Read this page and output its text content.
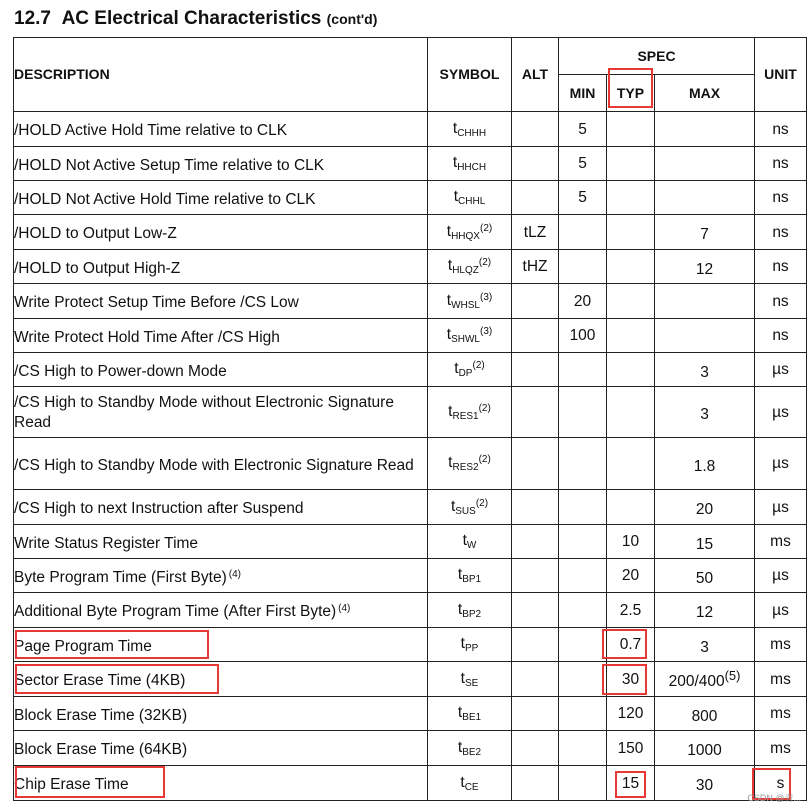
12.7 AC Electrical Characteristics (cont'd)
DESCRIPTION	SYMBOL	ALT	SPEC			UNIT
			MIN	TYP	MAX	
/HOLD Active Hold Time relative to CLK	$t_{CHHH}$		5			ns
/HOLD Not Active Setup Time relative to CLK	$t_{HHCH}$		5			ns
/HOLD Not Active Hold Time relative to CLK	$t_{CHHL}$		5			ns
/HOLD to Output Low-Z	$t_{HHQX}^{(2)}$	tLZ			7	ns
/HOLD to Output High-Z	$t_{HLQZ}^{(2)}$	tHZ			12	ns
Write Protect Setup Time Before /CS Low	$t_{WHSL}^{(3)}$		20			ns
Write Protect Hold Time After /CS High	$t_{SHWL}^{(3)}$		100			ns
/CS High to Power-down Mode	$t_{DP}^{(2)}$				3	µs
/CS High to Standby Mode without Electronic Signature Read	$t_{RES1}^{(2)}$				3	µs
/CS High to Standby Mode with Electronic Signature Read	$t_{RES2}^{(2)}$				1.8	µs
/CS High to next Instruction after Suspend	$t_{SUS}^{(2)}$				20	µs
Write Status Register Time	$t_W$			10	15	ms
Byte Program Time (First Byte) $^{(4)}$	$t_{BP1}$			20	50	µs
Additional Byte Program Time (After First Byte) $^{(4)}$	$t_{BP2}$			2.5	12	µs
Page Program Time	$t_{PP}$			0.7	3	ms
Sector Erase Time (4KB)	$t_{SE}$			30	200/400$^{(5)}$	ms
Block Erase Time (32KB)	$t_{BE1}$			120	800	ms
Block Erase Time (64KB)	$t_{BE2}$			150	1000	ms
Chip Erase Time	$t_{CE}$			15	30	s
CSDN @青...
